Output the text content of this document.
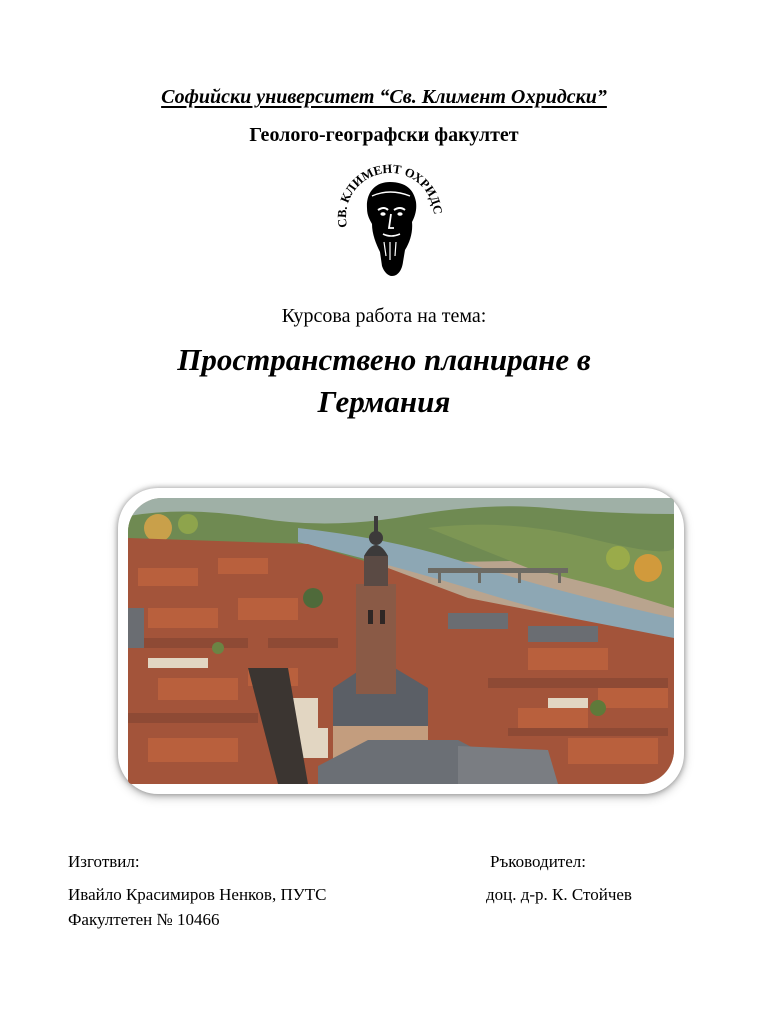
Софийски университет “Св. Климент Охридски”
Геолого-географски факултет
СВ. КЛИМЕНТ ОХРИДС
Курсова работа на тема:
Пространствено планиране в
Германия
Изготвил:	Ръководител:
Ивайло Красимиров Ненков, ПУТС
Факултетен № 10466
доц. д-р. К. Стойчев
